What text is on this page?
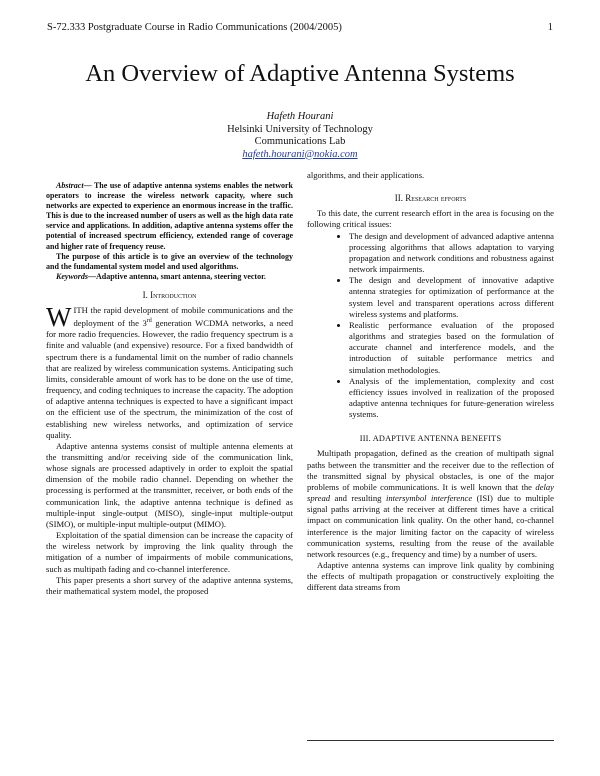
S-72.333 Postgraduate Course in Radio Communications (2004/2005)	1
An Overview of Adaptive Antenna Systems
Hafeth Hourani
Helsinki University of Technology
Communications Lab
hafeth.hourani@nokia.com

Abstract— The use of adaptive antenna systems enables the network operators to increase the wireless network capacity, where such networks are expected to experience an enormous increase in the traffic. This is due to the increased number of users as well as the high data rate service and applications. In addition, adaptive antenna systems offer the potential of increased spectrum efficiency, extended range of coverage and higher rate of frequency reuse.

The purpose of this article is to give an overview of the technology and the fundamental system model and used algorithms.

Keywords—Adaptive antenna, smart antenna, steering vector.

I. Introduction

WITH the rapid development of mobile communications and the deployment of the 3rd generation WCDMA networks, a need for more radio frequencies. However, the radio frequency spectrum is a finite and valuable (and expensive) resource. For a fixed bandwidth of spectrum there is a fundamental limit on the number of radio channels that are realized by wireless communication systems. Anticipating such limits, considerable amount of work has to be done on the use of time, frequency, and coding techniques to increase the capacity. The adoption of adaptive antenna techniques is expected to have a significant impact on the efficient use of the spectrum, the minimization of the cost of establishing new wireless networks, and optimization of service quality.

Adaptive antenna systems consist of multiple antenna elements at the transmitting and/or receiving side of the communication link, whose signals are processed adaptively in order to exploit the spatial dimension of the mobile radio channel. Depending on whether the processing is performed at the transmitter, receiver, or both ends of the communication link, the adaptive antenna technique is defined as multiple-input single-output (MISO), single-input multiple-output (SIMO), or multiple-input multiple-output (MIMO).

Exploitation of the spatial dimension can be increase the capacity of the wireless network by improving the link quality through the mitigation of a number of impairments of mobile communications, such as multipath fading and co-channel interference.

This paper presents a short survey of the adaptive antenna systems, their mathematical system model, the proposed

algorithms, and their applications.

II. Research efforts

To this date, the current research effort in the area is focusing on the following critical issues:

• The design and development of advanced adaptive antenna processing algorithms that allows adaptation to varying propagation and network conditions and robustness against network impairments.
• The design and development of innovative adaptive antenna strategies for optimization of performance at the system level and transparent operations across different wireless systems and platforms.
• Realistic performance evaluation of the proposed algorithms and strategies based on the formulation of accurate channel and interference models, and the introduction of suitable performance metrics and simulation methodologies.
• Analysis of the implementation, complexity and cost efficiency issues involved in realization of the proposed adaptive antenna techniques for future-generation wireless systems.
III. ADAPTIVE ANTENNA BENEFITS

Multipath propagation, defined as the creation of multipath signal paths between the transmitter and the receiver due to the reflection of the transmitted signal by physical obstacles, is one of the major problems of mobile communications. It is well known that the delay spread and resulting intersymbol interference (ISI) due to multiple signal paths arriving at the receiver at different times have a critical impact on communication link quality. On the other hand, co-channel interference is the major limiting factor on the capacity of wireless communication systems, resulting from the reuse of the available network resources (e.g., frequency and time) by a number of users.

Adaptive antenna systems can improve link quality by combining the effects of multipath propagation or constructively exploiting the different data streams from
